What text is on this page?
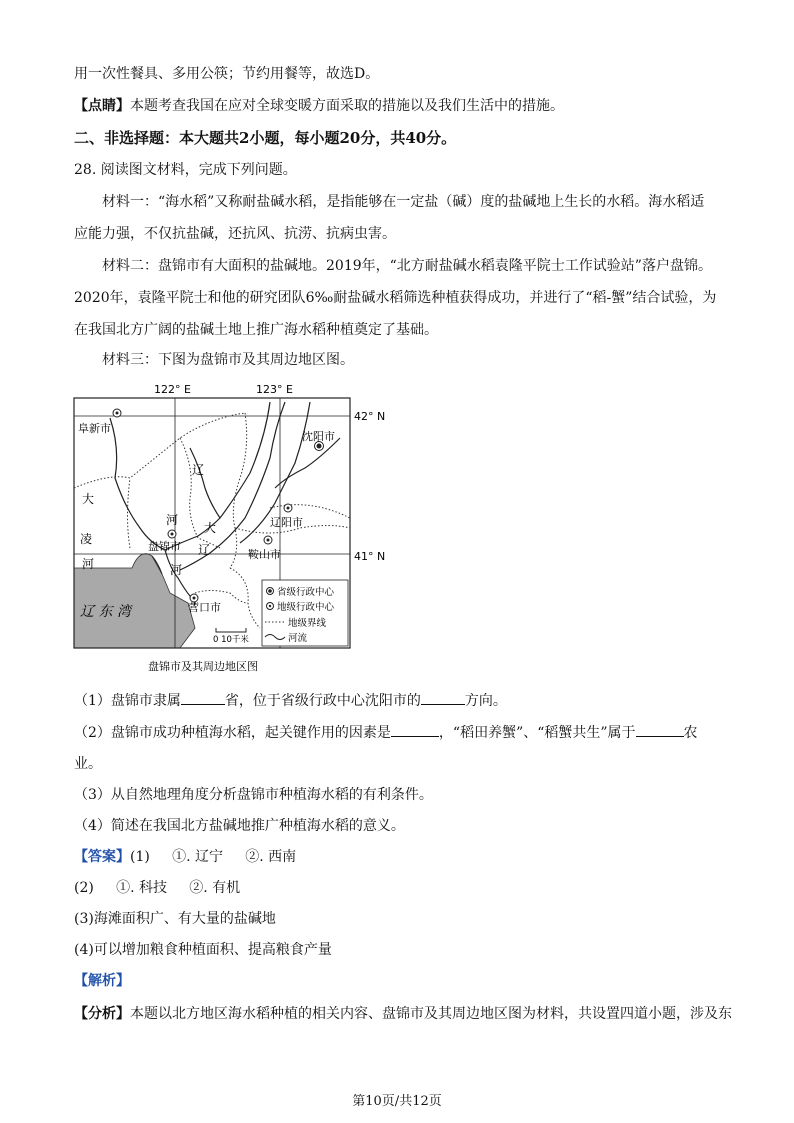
用一次性餐具、多用公筷；节约用餐等，故选D。
【点睛】本题考查我国在应对全球变暖方面采取的措施以及我们生活中的措施。
二、非选择题：本大题共2小题，每小题20分，共40分。
28. 阅读图文材料，完成下列问题。
材料一：“海水稻”又称耐盐碱水稻，是指能够在一定盐（碱）度的盐碱地上生长的水稻。海水稻适
应能力强，不仅抗盐碱，还抗风、抗涝、抗病虫害。
材料二：盘锦市有大面积的盐碱地。2019年，“北方耐盐碱水稻袁隆平院士工作试验站”落户盘锦。
2020年，袁隆平院士和他的研究团队6‰耐盐碱水稻筛选种植获得成功，并进行了“稻-蟹”结合试验，为
在我国北方广阔的盐碱土地上推广海水稻种植奠定了基础。
材料三：下图为盘锦市及其周边地区图。
122° E	123° E
42° N
41° N
阜新市
沈阳市
辽阳市
盘锦市
鞍山市
营口市
辽
河
大
大
凌
河
辽
河
辽 东 湾
省级行政中心
地级行政中心
地级界线
河流
0 10千米
盘锦市及其周边地区图
（1）盘锦市隶属	省，位于省级行政中心沈阳市的	方向。
（2）盘锦市成功种植海水稻，起关键作用的因素是	，“稻田养蟹”、“稻蟹共生”属于	农
业。
（3）从自然地理角度分析盘锦市种植海水稻的有利条件。
（4）简述在我国北方盐碱地推广种植海水稻的意义。
【答案】(1)     ①. 辽宁     ②. 西南
(2)     ①. 科技     ②. 有机
(3)海滩面积广、有大量的盐碱地
(4)可以增加粮食种植面积、提高粮食产量
【解析】
【分析】本题以北方地区海水稻种植的相关内容、盘锦市及其周边地区图为材料，共设置四道小题，涉及东
第10页/共12页
